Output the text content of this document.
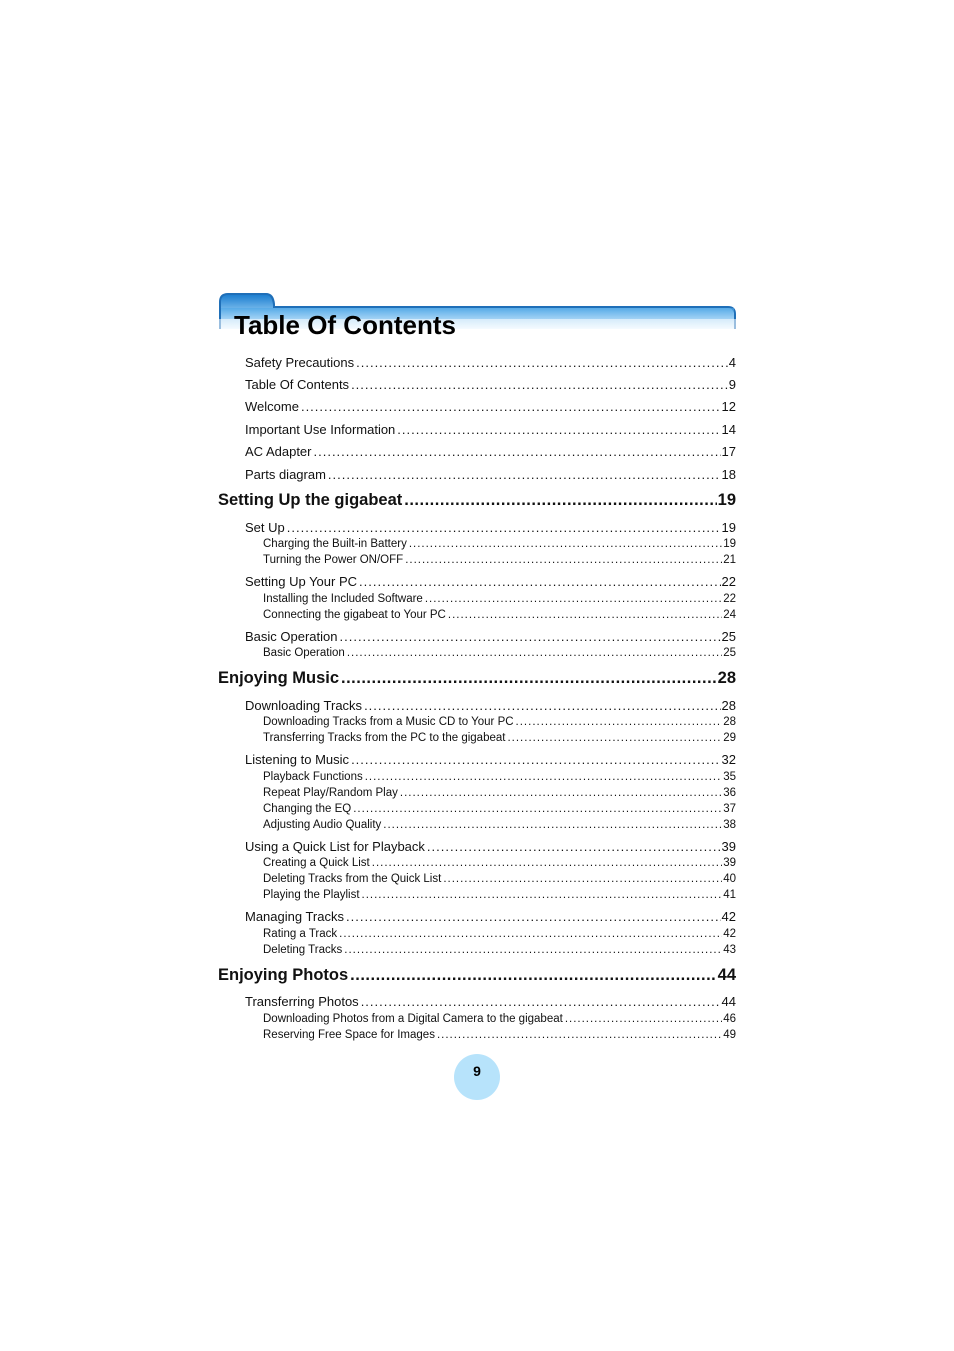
Table Of Contents
Safety Precautions .....	4
Table Of Contents .....	9
Welcome .....	12
Important Use Information .....	14
AC Adapter .....	17
Parts diagram .....	18
Setting Up the gigabeat .....	19
Set Up .....	19
Charging the Built-in Battery .....	19
Turning the Power ON/OFF .....	21
Setting Up Your PC .....	22
Installing the Included Software .....	22
Connecting the gigabeat to Your PC .....	24
Basic Operation .....	25
Basic Operation .....	25
Enjoying Music .....	28
Downloading Tracks .....	28
Downloading Tracks from a Music CD to Your PC .....	28
Transferring Tracks from the PC to the gigabeat .....	29
Listening to Music .....	32
Playback Functions .....	35
Repeat Play/Random Play .....	36
Changing the EQ .....	37
Adjusting Audio Quality .....	38
Using a Quick List for Playback .....	39
Creating a Quick List .....	39
Deleting Tracks from the Quick List .....	40
Playing the Playlist .....	41
Managing Tracks .....	42
Rating a Track .....	42
Deleting Tracks .....	43
Enjoying Photos .....	44
Transferring Photos .....	44
Downloading Photos from a Digital Camera to the gigabeat .....	46
Reserving Free Space for Images .....	49
9
